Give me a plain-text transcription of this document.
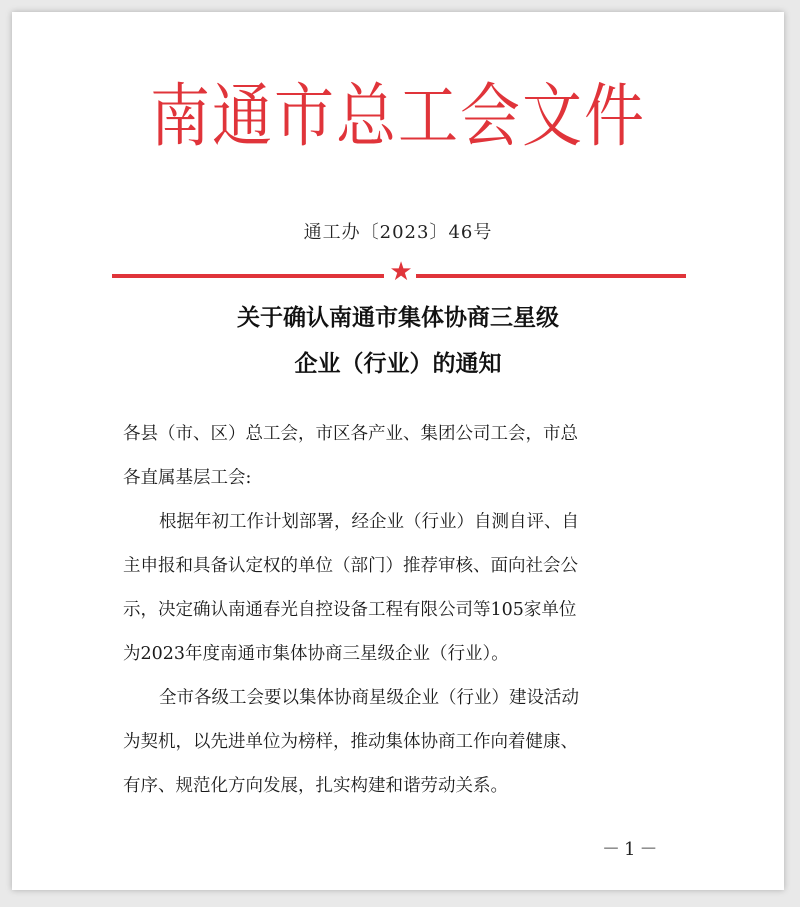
南通市总工会文件
通工办〔2023〕46号
★
关于确认南通市集体协商三星级
企业（行业）的通知
各县（市、区）总工会，市区各产业、集团公司工会，市总
各直属基层工会:
根据年初工作计划部署，经企业（行业）自测自评、自
主申报和具备认定权的单位（部门）推荐审核、面向社会公
示，决定确认南通春光自控设备工程有限公司等105家单位
为2023年度南通市集体协商三星级企业（行业）。
全市各级工会要以集体协商星级企业（行业）建设活动
为契机，以先进单位为榜样，推动集体协商工作向着健康、
有序、规范化方向发展，扎实构建和谐劳动关系。
－1－
